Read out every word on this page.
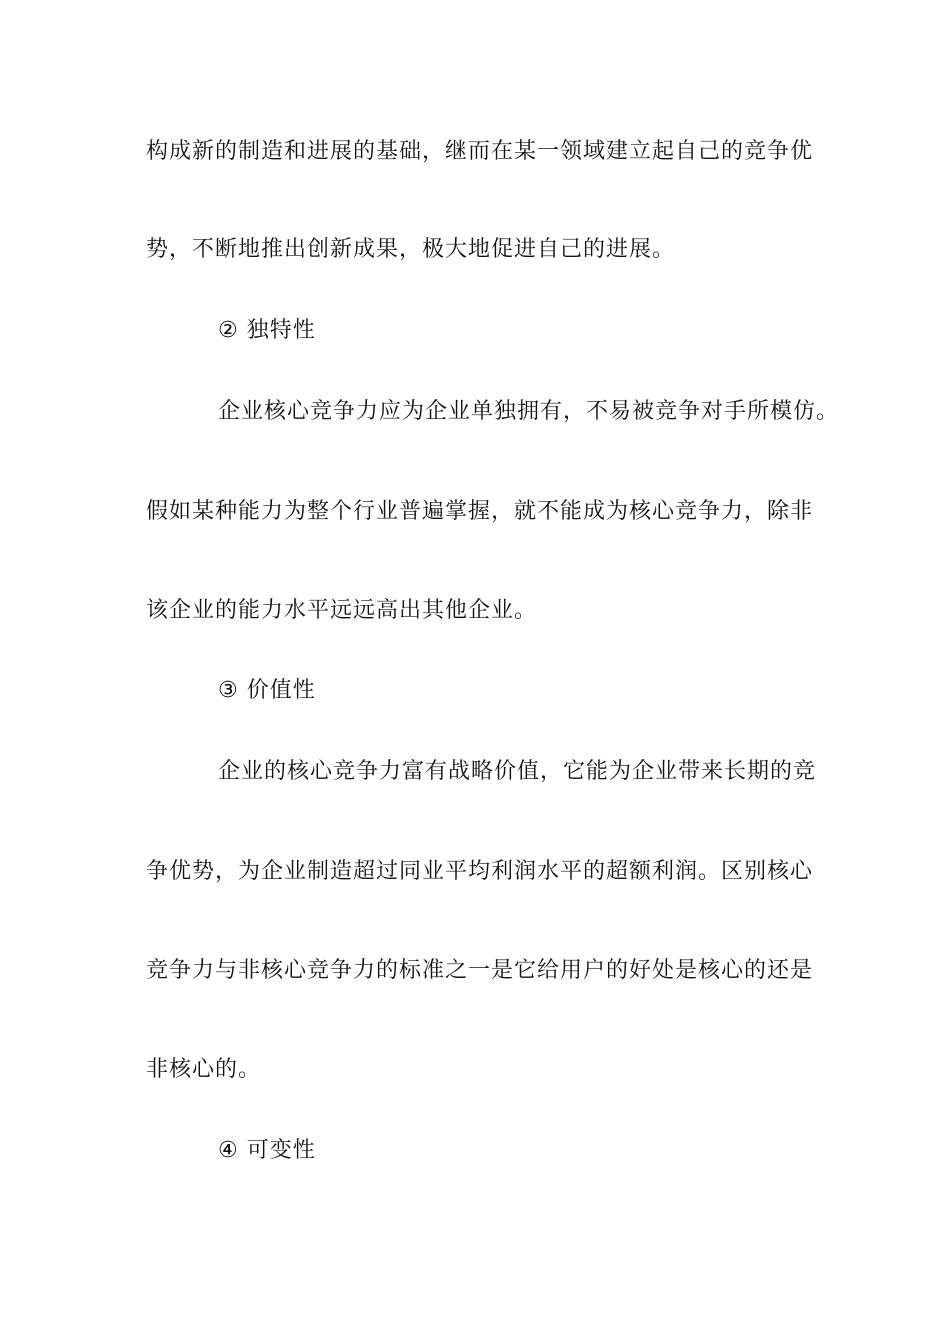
构成新的制造和进展的基础，继而在某一领域建立起自己的竞争优
势，不断地推出创新成果，极大地促进自己的进展。
② 独特性
企业核心竞争力应为企业单独拥有，不易被竞争对手所模仿。
假如某种能力为整个行业普遍掌握，就不能成为核心竞争力，除非
该企业的能力水平远远高出其他企业。
③ 价值性
企业的核心竞争力富有战略价值，它能为企业带来长期的竞
争优势，为企业制造超过同业平均利润水平的超额利润。区别核心
竞争力与非核心竞争力的标准之一是它给用户的好处是核心的还是
非核心的。
④ 可变性
